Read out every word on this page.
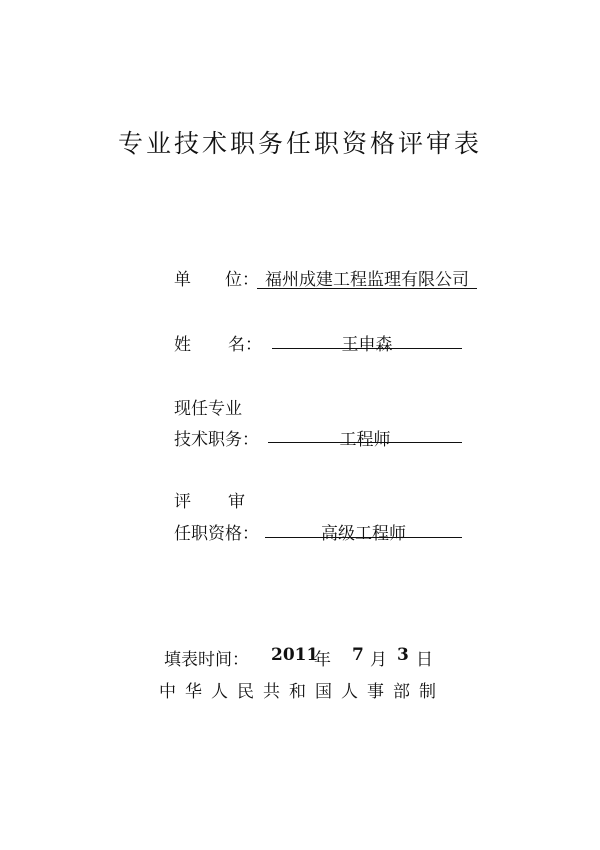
专业技术职务任职资格评审表
单 位： 福州成建工程监理有限公司
姓 名：	王申森
现任专业
技术职务：	工程师
评 审
任职资格：	高级工程师
填表时间： 2011
年 7 月 3 日
中华人民共和国人事部制
